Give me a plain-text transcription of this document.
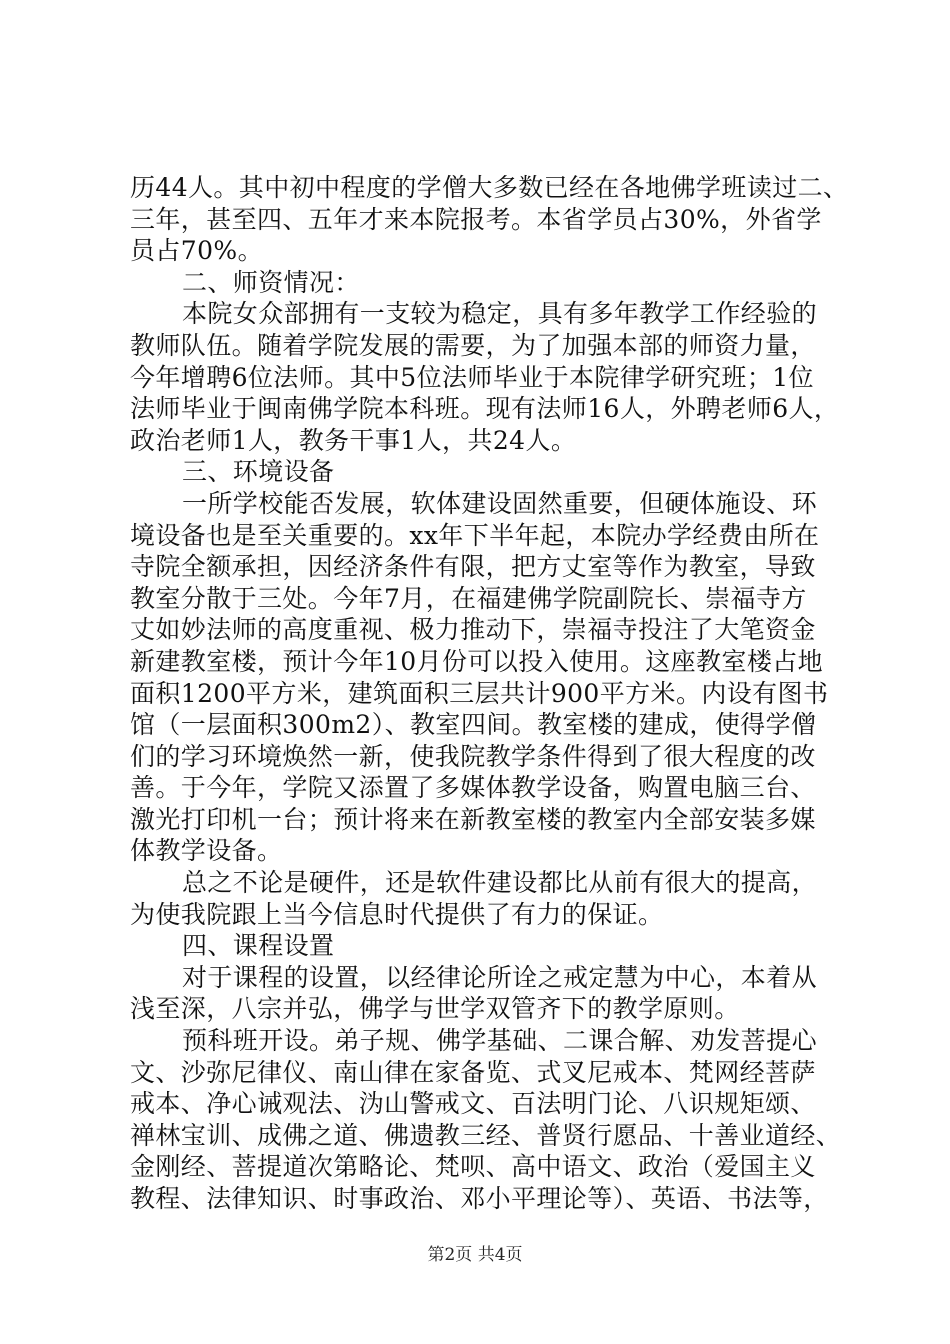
历44人。其中初中程度的学僧大多数已经在各地佛学班读过二、
三年，甚至四、五年才来本院报考。本省学员占30%，外省学
员占70%。
二、师资情况：
本院女众部拥有一支较为稳定，具有多年教学工作经验的
教师队伍。随着学院发展的需要，为了加强本部的师资力量，
今年增聘6位法师。其中5位法师毕业于本院律学研究班；1位
法师毕业于闽南佛学院本科班。现有法师16人，外聘老师6人，
政治老师1人，教务干事1人，共24人。
三、环境设备
一所学校能否发展，软体建设固然重要，但硬体施设、环
境设备也是至关重要的。xx年下半年起，本院办学经费由所在
寺院全额承担，因经济条件有限，把方丈室等作为教室，导致
教室分散于三处。今年7月，在福建佛学院副院长、崇福寺方
丈如妙法师的高度重视、极力推动下，崇福寺投注了大笔资金
新建教室楼，预计今年10月份可以投入使用。这座教室楼占地
面积1200平方米，建筑面积三层共计900平方米。内设有图书
馆（一层面积300m2）、教室四间。教室楼的建成，使得学僧
们的学习环境焕然一新，使我院教学条件得到了很大程度的改
善。于今年，学院又添置了多媒体教学设备，购置电脑三台、
激光打印机一台；预计将来在新教室楼的教室内全部安装多媒
体教学设备。
总之不论是硬件，还是软件建设都比从前有很大的提高，
为使我院跟上当今信息时代提供了有力的保证。
四、课程设置
对于课程的设置，以经律论所诠之戒定慧为中心，本着从
浅至深，八宗并弘，佛学与世学双管齐下的教学原则。
预科班开设。弟子规、佛学基础、二课合解、劝发菩提心
文、沙弥尼律仪、南山律在家备览、式叉尼戒本、梵网经菩萨
戒本、净心诫观法、沩山警戒文、百法明门论、八识规矩颂、
禅林宝训、成佛之道、佛遗教三经、普贤行愿品、十善业道经、
金刚经、菩提道次第略论、梵呗、高中语文、政治（爱国主义
教程、法律知识、时事政治、邓小平理论等）、英语、书法等，
第2页 共4页
